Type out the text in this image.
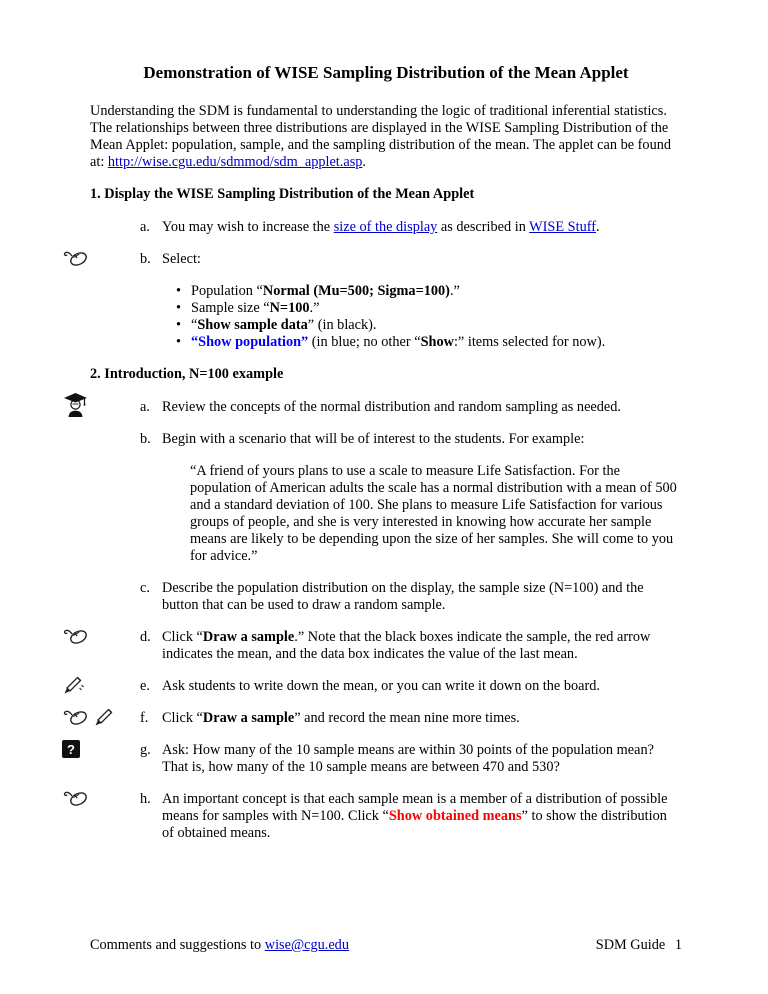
Demonstration of WISE Sampling Distribution of the Mean Applet

Understanding the SDM is fundamental to understanding the logic of traditional inferential statistics. The relationships between three distributions are displayed in the WISE Sampling Distribution of the Mean Applet: population, sample, and the sampling distribution of the mean. The applet can be found at: http://wise.cgu.edu/sdmmod/sdm_applet.asp.

1. Display the WISE Sampling Distribution of the Mean Applet
a. You may wish to increase the size of the display as described in WISE Stuff.
b. Select:
• Population “Normal (Mu=500; Sigma=100).”
• Sample size “N=100.”
• “Show sample data” (in black).
• “Show population” (in blue; no other “Show:” items selected for now).
2. Introduction, N=100 example
a. Review the concepts of the normal distribution and random sampling as needed.
b. Begin with a scenario that will be of interest to the students. For example:

“A friend of yours plans to use a scale to measure Life Satisfaction. For the population of American adults the scale has a normal distribution with a mean of 500 and a standard deviation of 100. She plans to measure Life Satisfaction for various groups of people, and she is very interested in knowing how accurate her sample means are likely to be depending upon the size of her samples. She will come to you for advice.”

c. Describe the population distribution on the display, the sample size (N=100) and the button that can be used to draw a random sample.
d. Click “Draw a sample.” Note that the black boxes indicate the sample, the red arrow indicates the mean, and the data box indicates the value of the last mean.
e. Ask students to write down the mean, or you can write it down on the board.
f. Click “Draw a sample” and record the mean nine more times.
?	g. Ask: How many of the 10 sample means are within 30 points of the population mean? That is, how many of the 10 sample means are between 470 and 530?
h. An important concept is that each sample mean is a member of a distribution of possible means for samples with N=100. Click “Show obtained means” to show the distribution of obtained means.
Comments and suggestions to wise@cgu.edu	SDM Guide 1
